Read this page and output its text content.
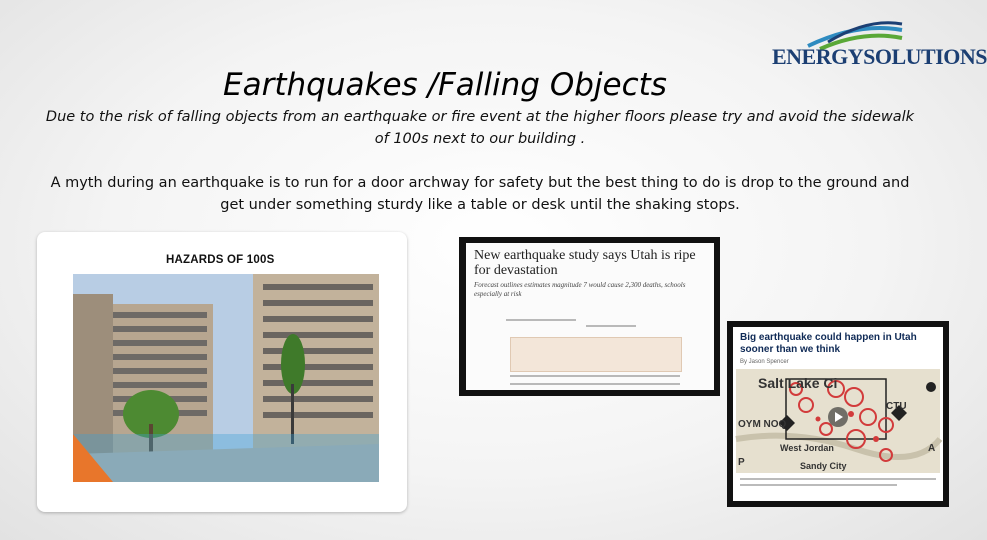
Earthquakes /Falling Objects
ENERGYSOLUTIONS

Due to the risk of falling objects from an earthquake or fire event at the higher floors please try and avoid the sidewalk of 100s next to our building .

A myth during an earthquake is to run for a door archway for safety but the best thing to do is drop to the ground and get under something sturdy like a table or desk until the shaking stops.

HAZARDS OF 100S	New earthquake study says Utah is ripe for devastation
Forecast outlines estimates magnitude 7 would cause 2,300 deaths, schools especially at risk
Big earthquake could happen in Utah sooner than we think
By Jason Spencer
Salt Lake Ci
CTU
OYM NOQ
West Jordan
Sandy City
A
P
